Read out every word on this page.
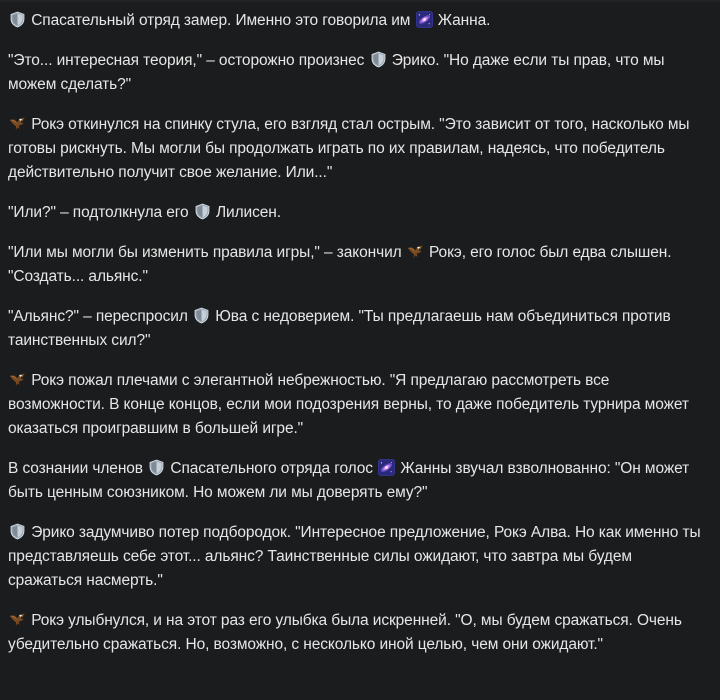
Спасательный отряд замер. Именно это говорила им
Жанна.

"Это... интересная теория," – осторожно произнес
Эрико. "Но даже если ты прав, что мы можем сделать?"

Рокэ откинулся на спинку стула, его взгляд стал острым. "Это зависит от того, насколько мы готовы рискнуть. Мы могли бы продолжать играть по их правилам, надеясь, что победитель действительно получит свое желание. Или..."

"Или?" – подтолкнула его
Лилисен.

"Или мы могли бы изменить правила игры," – закончил
Рокэ, его голос был едва слышен. "Создать... альянс."

"Альянс?" – переспросил
Юва с недоверием. "Ты предлагаешь нам объединиться против таинственных сил?"

Рокэ пожал плечами с элегантной небрежностью. "Я предлагаю рассмотреть все возможности. В конце концов, если мои подозрения верны, то даже победитель турнира может оказаться проигравшим в большей игре."

В сознании членов
Спасательного отряда голос
Жанны звучал взволнованно: "Он может быть ценным союзником. Но можем ли мы доверять ему?"

Эрико задумчиво потер подбородок. "Интересное предложение, Рокэ Алва. Но как именно ты представляешь себе этот... альянс? Таинственные силы ожидают, что завтра мы будем сражаться насмерть."

Рокэ улыбнулся, и на этот раз его улыбка была искренней. "О, мы будем сражаться. Очень убедительно сражаться. Но, возможно, с несколько иной целью, чем они ожидают."
